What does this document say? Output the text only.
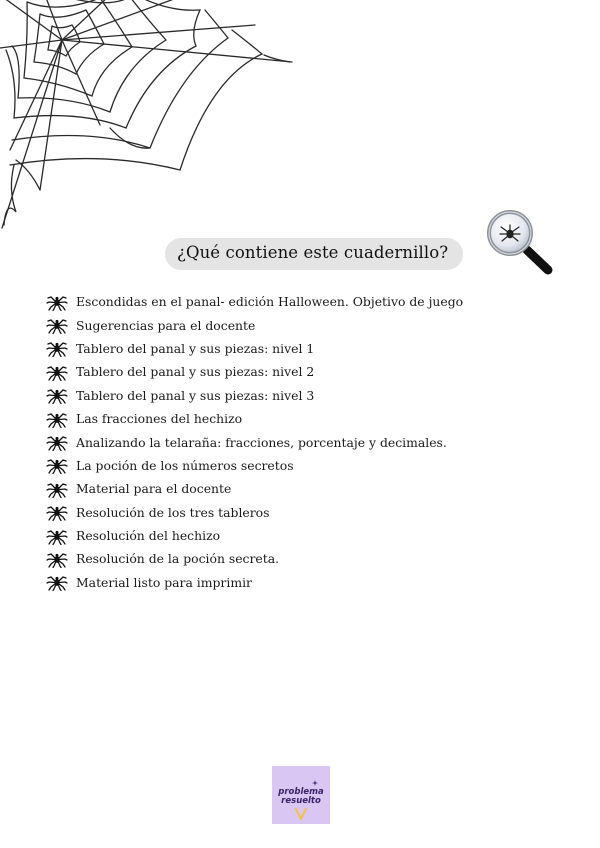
¿Qué contiene este cuadernillo?
Escondidas en el panal- edición Halloween. Objetivo de juego
Sugerencias para el docente
Tablero del panal y sus piezas: nivel 1
Tablero del panal y sus piezas: nivel 2
Tablero del panal y sus piezas: nivel 3
Las fracciones del hechizo
Analizando la telaraña: fracciones, porcentaje y decimales.
La poción de los números secretos
Material para el docente
Resolución de los tres tableros
Resolución del hechizo
Resolución de la poción secreta.
Material listo para imprimir
problema
resuelto
